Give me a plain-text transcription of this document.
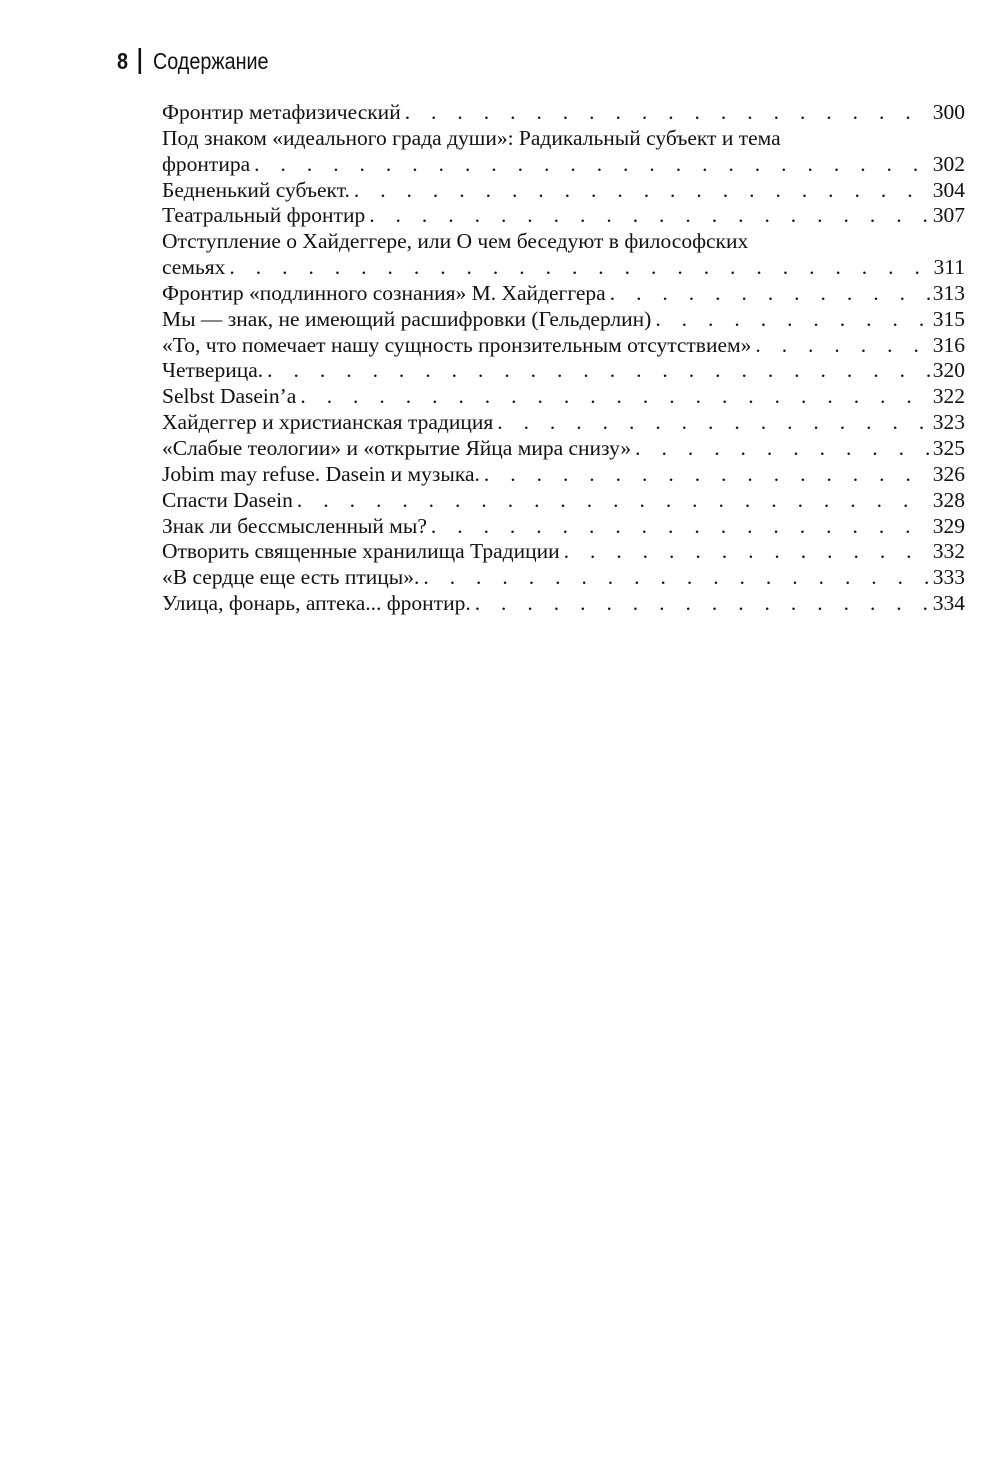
8 Содержание
Фронтир метафизический . . .	300
Под знаком «идеального града души»: Радикальный субъект и тема
фронтира . . .	302
Бедненький субъект. . . .	304
Театральный фронтир . . .	307
Отступление о Хайдеггере, или О чем беседуют в философских
семьях . . .	311
Фронтир «подлинного сознания» М. Хайдеггера . . .	313
Мы — знак, не имеющий расшифровки (Гельдерлин) . . .	315
«То, что помечает нашу сущность пронзительным отсутствием» . . .	316
Четверица. . . .	320
Selbst Dasein’a . . .	322
Хайдеггер и христианская традиция . . .	323
«Слабые теологии» и «открытие Яйца мира снизу» . . .	325
Jobim may refuse. Dasein и музыка. . . .	326
Спасти Dasein . . .	328
Знак ли бессмысленный мы? . . .	329
Отворить священные хранилища Традиции . . .	332
«В сердце еще есть птицы». . . .	333
Улица, фонарь, аптека... фронтир. . . .	334
